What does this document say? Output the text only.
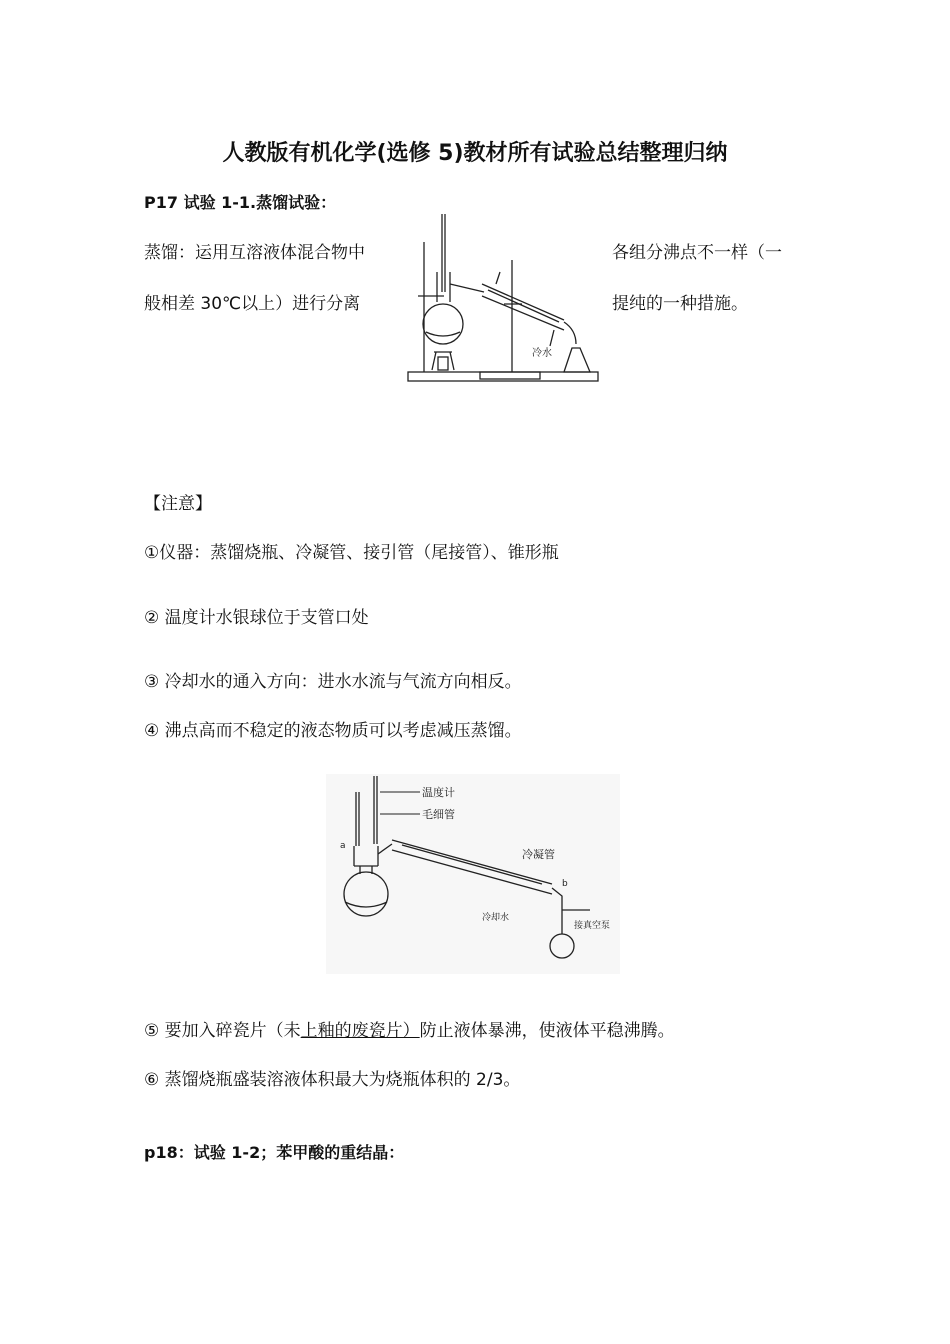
人教版有机化学(选修 5)教材所有试验总结整理归纳
P17 试验 1-1.蒸馏试验：
蒸馏：运用互溶液体混合物中	各组分沸点不一样（一
般相差 30℃以上）进行分离	提纯的一种措施。
冷水
【注意】
①仪器：蒸馏烧瓶、冷凝管、接引管（尾接管）、锥形瓶
② 温度计水银球位于支管口处
③ 冷却水的通入方向：进水水流与气流方向相反。
④ 沸点高而不稳定的液态物质可以考虑减压蒸馏。
温度计
毛细管
冷凝管
冷却水
接真空泵
a
b
⑤ 要加入碎瓷片（未上釉的废瓷片）防止液体暴沸，使液体平稳沸腾。
⑥ 蒸馏烧瓶盛装溶液体积最大为烧瓶体积的 2/3。
p18：试验 1-2；苯甲酸的重结晶：
